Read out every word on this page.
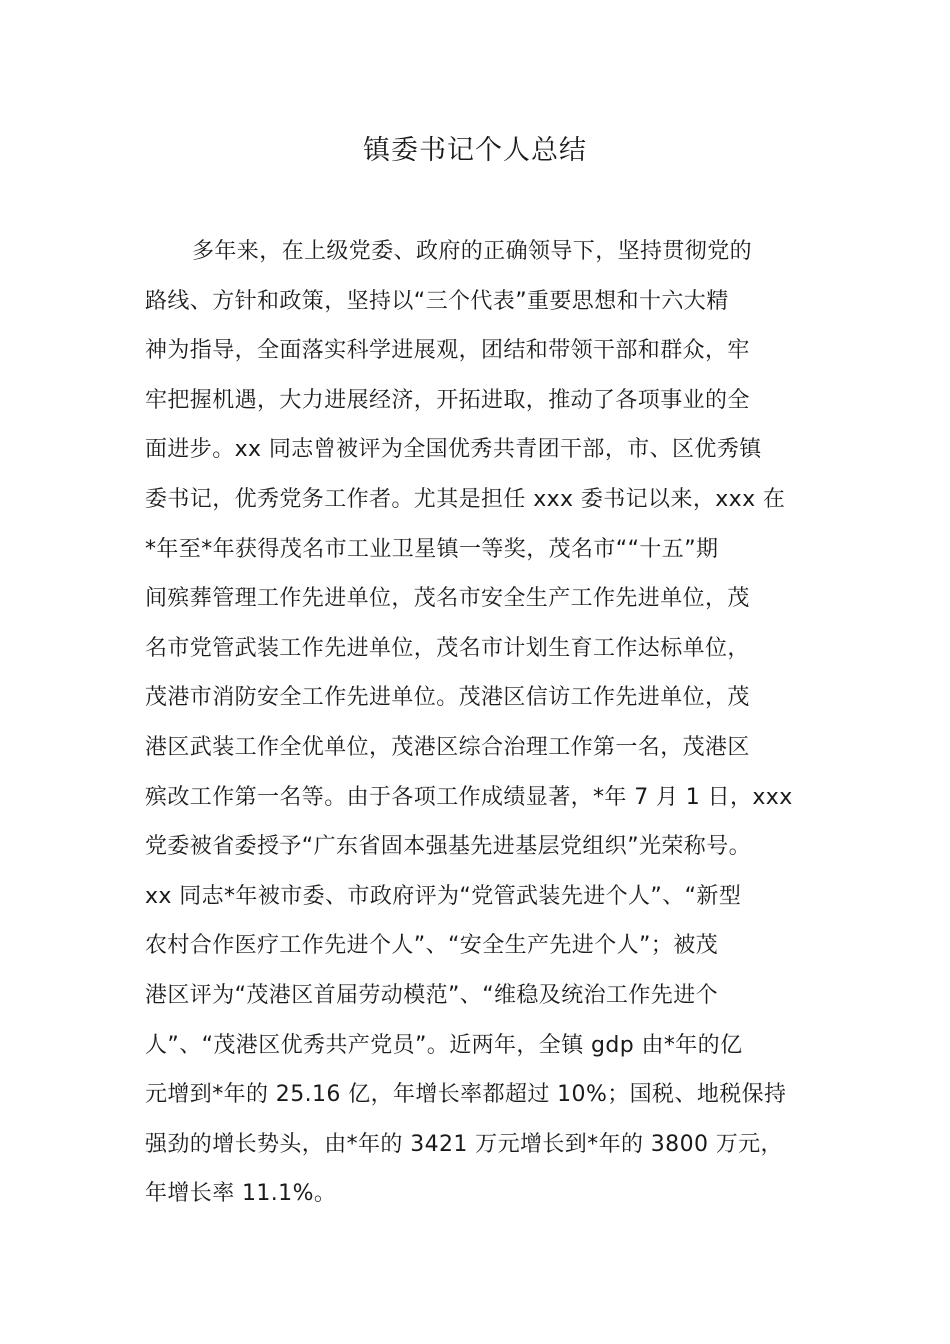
镇委书记个人总结
多年来，在上级党委、政府的正确领导下，坚持贯彻党的
路线、方针和政策，坚持以“三个代表”重要思想和十六大精
神为指导，全面落实科学进展观，团结和带领干部和群众，牢
牢把握机遇，大力进展经济，开拓进取，推动了各项事业的全
面进步。xx 同志曾被评为全国优秀共青团干部，市、区优秀镇
委书记，优秀党务工作者。尤其是担任 xxx 委书记以来，xxx 在
*年至*年获得茂名市工业卫星镇一等奖，茂名市““十五”期
间殡葬管理工作先进单位，茂名市安全生产工作先进单位，茂
名市党管武装工作先进单位，茂名市计划生育工作达标单位，
茂港市消防安全工作先进单位。茂港区信访工作先进单位，茂
港区武装工作全优单位，茂港区综合治理工作第一名，茂港区
殡改工作第一名等。由于各项工作成绩显著，*年 7 月 1 日，xxx
党委被省委授予“广东省固本强基先进基层党组织”光荣称号。
xx 同志*年被市委、市政府评为“党管武装先进个人”、“新型
农村合作医疗工作先进个人”、“安全生产先进个人”；被茂
港区评为“茂港区首届劳动模范”、“维稳及统治工作先进个
人”、“茂港区优秀共产党员”。近两年，全镇 gdp 由*年的亿
元增到*年的 25.16 亿，年增长率都超过 10%；国税、地税保持
强劲的增长势头，由*年的 3421 万元增长到*年的 3800 万元，
年增长率 11.1%。
